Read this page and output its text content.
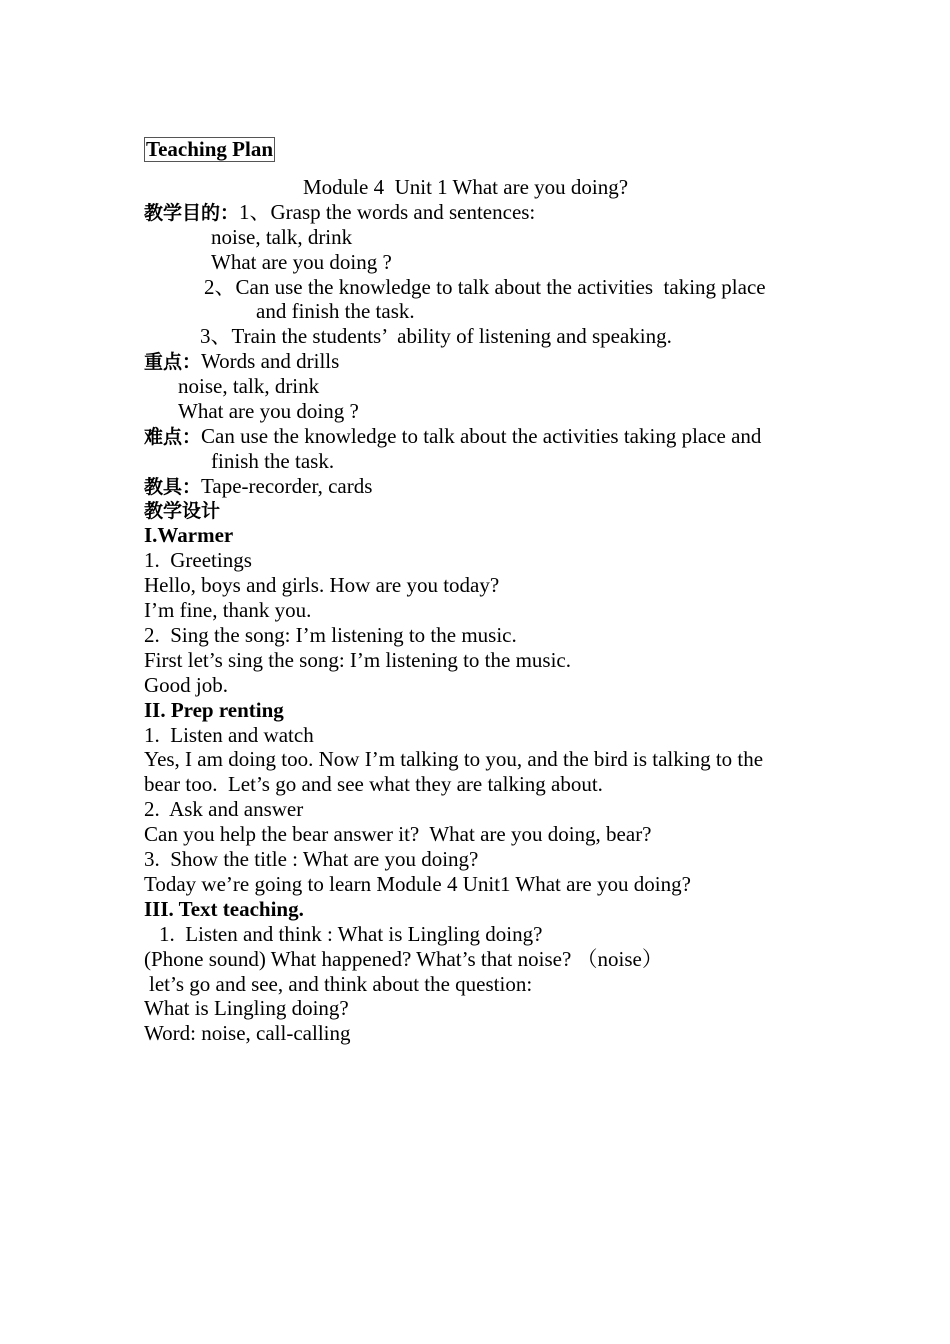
Teaching Plan
Module 4  Unit 1 What are you doing?
教学目的：1、Grasp the words and sentences:
noise, talk, drink
What are you doing ?
2、Can use the knowledge to talk about the activities  taking place
and finish the task.
3、Train the students’  ability of listening and speaking.
重点：Words and drills
noise, talk, drink
What are you doing ?
难点：Can use the knowledge to talk about the activities taking place and
finish the task.
教具：Tape-recorder, cards
教学设计
I.Warmer
1.  Greetings
Hello, boys and girls. How are you today?
I’m fine, thank you.
2.  Sing the song: I’m listening to the music.
First let’s sing the song: I’m listening to the music.
Good job.
II. Prep renting
1.  Listen and watch
Yes, I am doing too. Now I’m talking to you, and the bird is talking to the
bear too.  Let’s go and see what they are talking about.
2.  Ask and answer
Can you help the bear answer it?  What are you doing, bear?
3.  Show the title : What are you doing?
Today we’re going to learn Module 4 Unit1 What are you doing?
III. Text teaching.
1.  Listen and think : What is Lingling doing?
(Phone sound) What happened? What’s that noise? （noise）
let’s go and see, and think about the question:
What is Lingling doing?
Word: noise, call-calling
